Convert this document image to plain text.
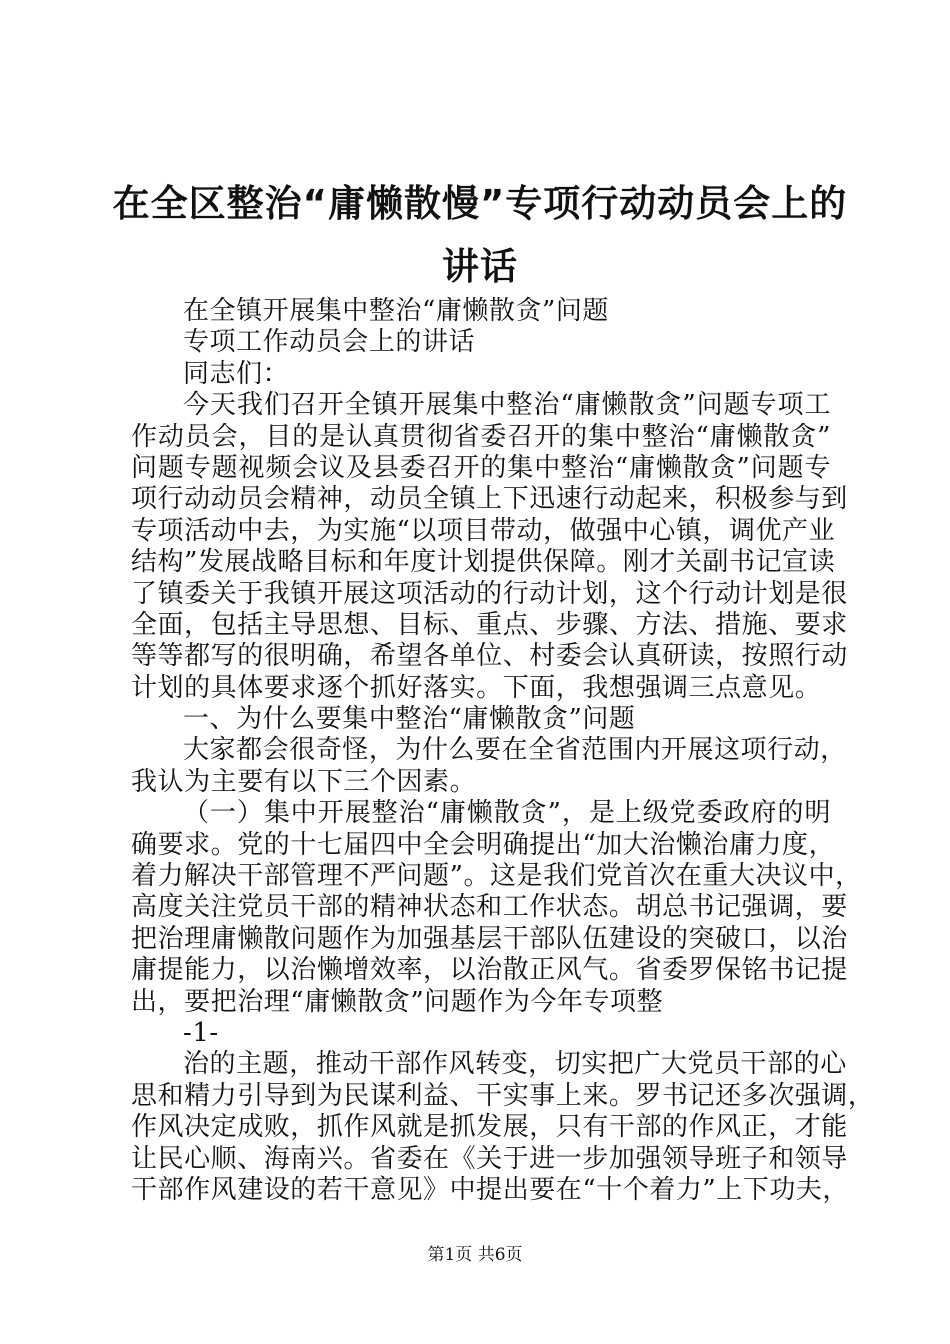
在全区整治“庸懒散慢”专项行动动员会上的
讲话
在全镇开展集中整治“庸懒散贪”问题
专项工作动员会上的讲话
同志们：
今天我们召开全镇开展集中整治“庸懒散贪”问题专项工
作动员会，目的是认真贯彻省委召开的集中整治“庸懒散贪”
问题专题视频会议及县委召开的集中整治“庸懒散贪”问题专
项行动动员会精神，动员全镇上下迅速行动起来，积极参与到
专项活动中去，为实施“以项目带动，做强中心镇，调优产业
结构”发展战略目标和年度计划提供保障。刚才关副书记宣读
了镇委关于我镇开展这项活动的行动计划，这个行动计划是很
全面，包括主导思想、目标、重点、步骤、方法、措施、要求
等等都写的很明确，希望各单位、村委会认真研读，按照行动
计划的具体要求逐个抓好落实。下面，我想强调三点意见。
一、为什么要集中整治“庸懒散贪”问题
大家都会很奇怪，为什么要在全省范围内开展这项行动，
我认为主要有以下三个因素。
（一）集中开展整治“庸懒散贪”，是上级党委政府的明
确要求。党的十七届四中全会明确提出“加大治懒治庸力度，
着力解决干部管理不严问题”。这是我们党首次在重大决议中，
高度关注党员干部的精神状态和工作状态。胡总书记强调，要
把治理庸懒散问题作为加强基层干部队伍建设的突破口，以治
庸提能力，以治懒增效率，以治散正风气。省委罗保铭书记提
出，要把治理“庸懒散贪”问题作为今年专项整
-1-
治的主题，推动干部作风转变，切实把广大党员干部的心
思和精力引导到为民谋利益、干实事上来。罗书记还多次强调，
作风决定成败，抓作风就是抓发展，只有干部的作风正，才能
让民心顺、海南兴。省委在《关于进一步加强领导班子和领导
干部作风建设的若干意见》中提出要在“十个着力”上下功夫，
第1页 共6页
